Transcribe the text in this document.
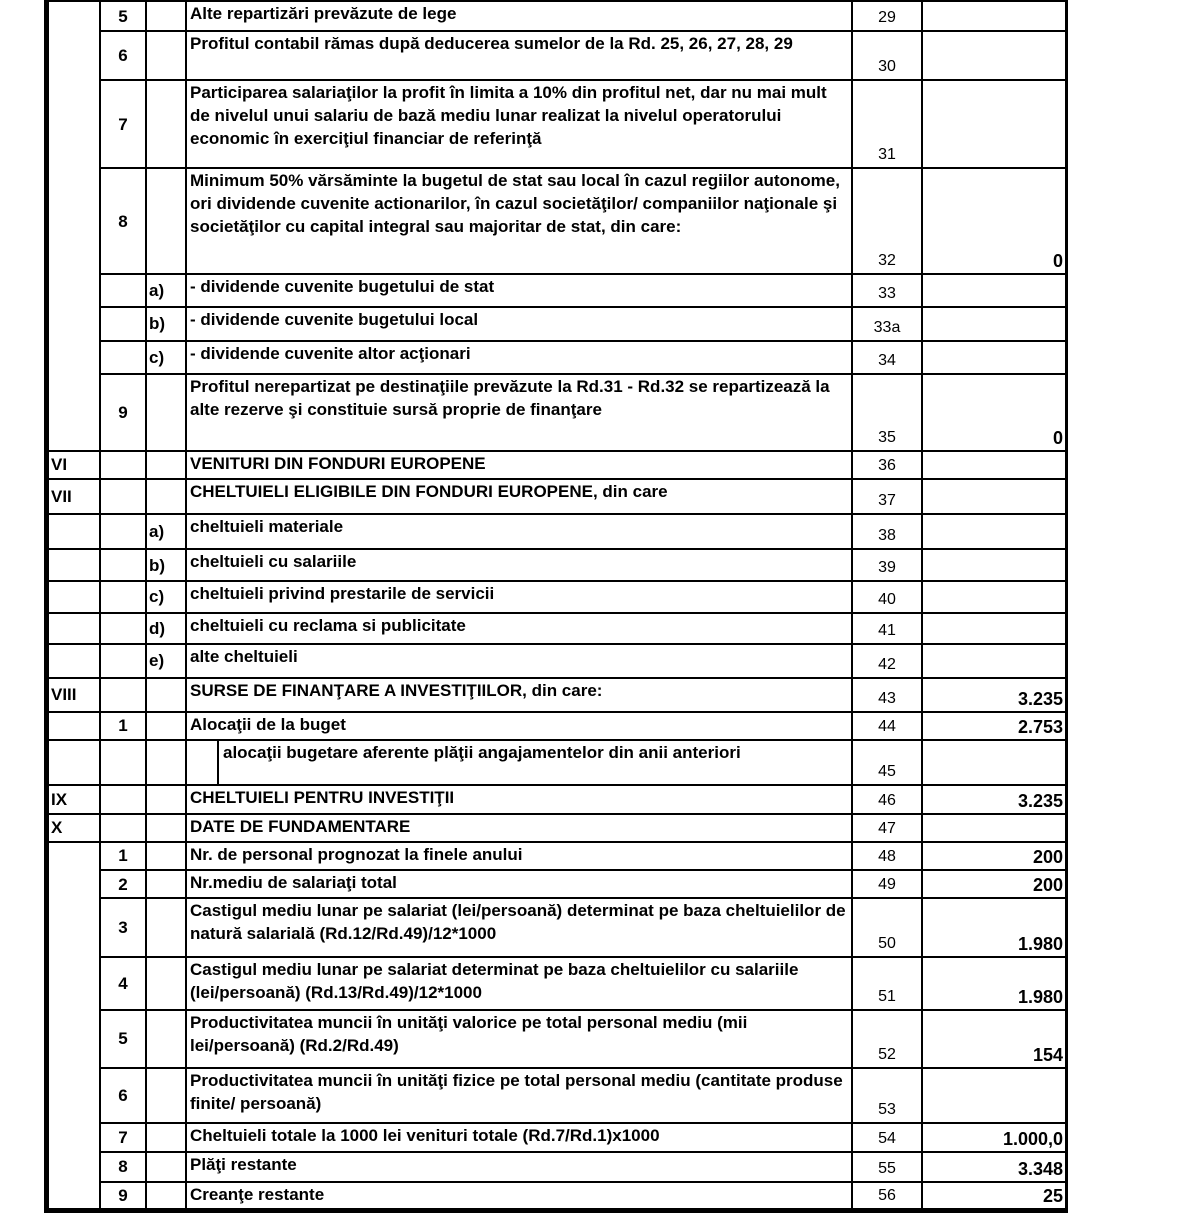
	5		Alte repartizări prevăzute de lege	29	
	6		Profitul contabil rămas după deducerea sumelor de la Rd. 25, 26, 27, 28, 29	30	
	7		Participarea salariaţilor la profit în limita a 10% din profitul net, dar nu mai mult de nivelul unui salariu de bază mediu lunar realizat la nivelul operatorului economic în exerciţiul financiar de referinţă	31	
	8		Minimum 50% vărsăminte la bugetul de stat sau local în cazul regiilor autonome, ori dividende cuvenite actionarilor, în cazul societăţilor/ companiilor naţionale şi societăţilor cu capital integral sau majoritar de stat, din care:	32	0
		a)	- dividende cuvenite bugetului de stat	33	
		b)	- dividende cuvenite bugetului local	33a	
		c)	- dividende cuvenite altor acţionari	34	
	9		Profitul nerepartizat pe destinaţiile prevăzute la Rd.31 - Rd.32 se repartizează la alte rezerve şi constituie sursă proprie de finanţare	35	0
VI			VENITURI DIN FONDURI EUROPENE	36	
VII			CHELTUIELI ELIGIBILE DIN FONDURI EUROPENE, din care	37	
		a)	cheltuieli materiale	38	
		b)	cheltuieli cu salariile	39	
		c)	cheltuieli privind prestarile de servicii	40	
		d)	cheltuieli cu reclama si publicitate	41	
		e)	alte cheltuieli	42	
VIII			SURSE DE FINANŢARE A INVESTIŢIILOR, din care:	43	3.235
	1		Alocaţii de la buget	44	2.753

			alocaţii bugetare aferente plăţii angajamentelor din anii anteriori	45	
IX			CHELTUIELI PENTRU INVESTIŢII	46	3.235
X			DATE DE FUNDAMENTARE	47	
	1		Nr. de personal prognozat la finele anului	48	200
	2		Nr.mediu de salariaţi total	49	200
	3		Castigul mediu lunar pe salariat (lei/persoană) determinat pe baza cheltuielilor de natură salarială (Rd.12/Rd.49)/12*1000	50	1.980
	4		Castigul mediu lunar pe salariat determinat pe baza cheltuielilor cu salariile (lei/persoană) (Rd.13/Rd.49)/12*1000	51	1.980
	5		Productivitatea muncii în unităţi valorice pe total personal mediu (mii lei/persoană) (Rd.2/Rd.49)	52	154
	6		Productivitatea muncii în unităţi fizice pe total personal mediu (cantitate produse finite/ persoană)	53	
	7		Cheltuieli totale la 1000 lei venituri totale (Rd.7/Rd.1)x1000	54	1.000,0
	8		Plăţi restante	55	3.348
	9		Creanţe restante	56	25
